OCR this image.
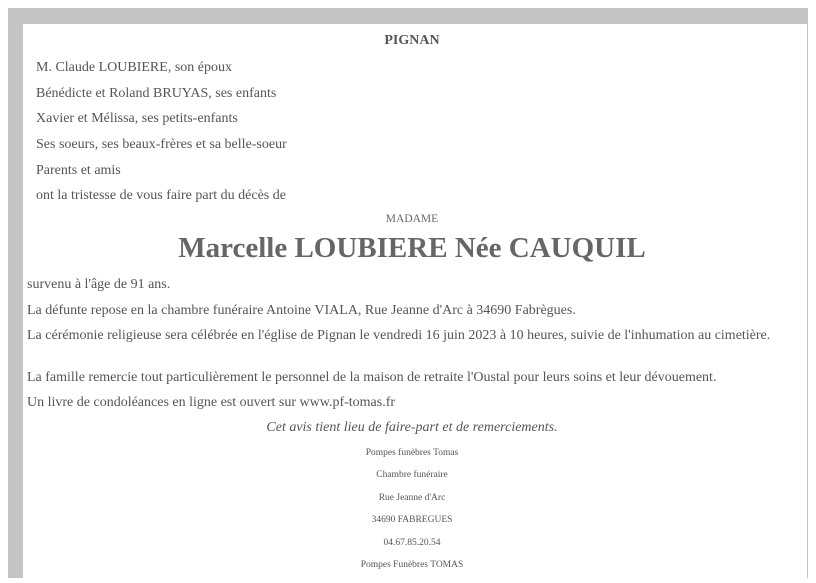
PIGNAN
M. Claude LOUBIERE, son époux
Bénédicte et Roland BRUYAS, ses enfants
Xavier et Mélissa, ses petits-enfants
Ses soeurs, ses beaux-frères et sa belle-soeur
Parents et amis
ont la tristesse de vous faire part du décès de
MADAME
Marcelle LOUBIERE Née CAUQUIL
survenu à l'âge de 91 ans.
La défunte repose en la chambre funéraire Antoine VIALA, Rue Jeanne d'Arc à 34690 Fabrègues.
La cérémonie religieuse sera célébrée en l'église de Pignan le vendredi 16 juin 2023 à 10 heures, suivie de l'inhumation au cimetière.
La famille remercie tout particulièrement le personnel de la maison de retraite l'Oustal pour leurs soins et leur dévouement.
Un livre de condoléances en ligne est ouvert sur www.pf-tomas.fr
Cet avis tient lieu de faire-part et de remerciements.
Pompes funèbres Tomas
Chambre funéraire
Rue Jeanne d'Arc
34690 FABREGUES
04.67.85.20.54
Pompes Funèbres TOMAS
